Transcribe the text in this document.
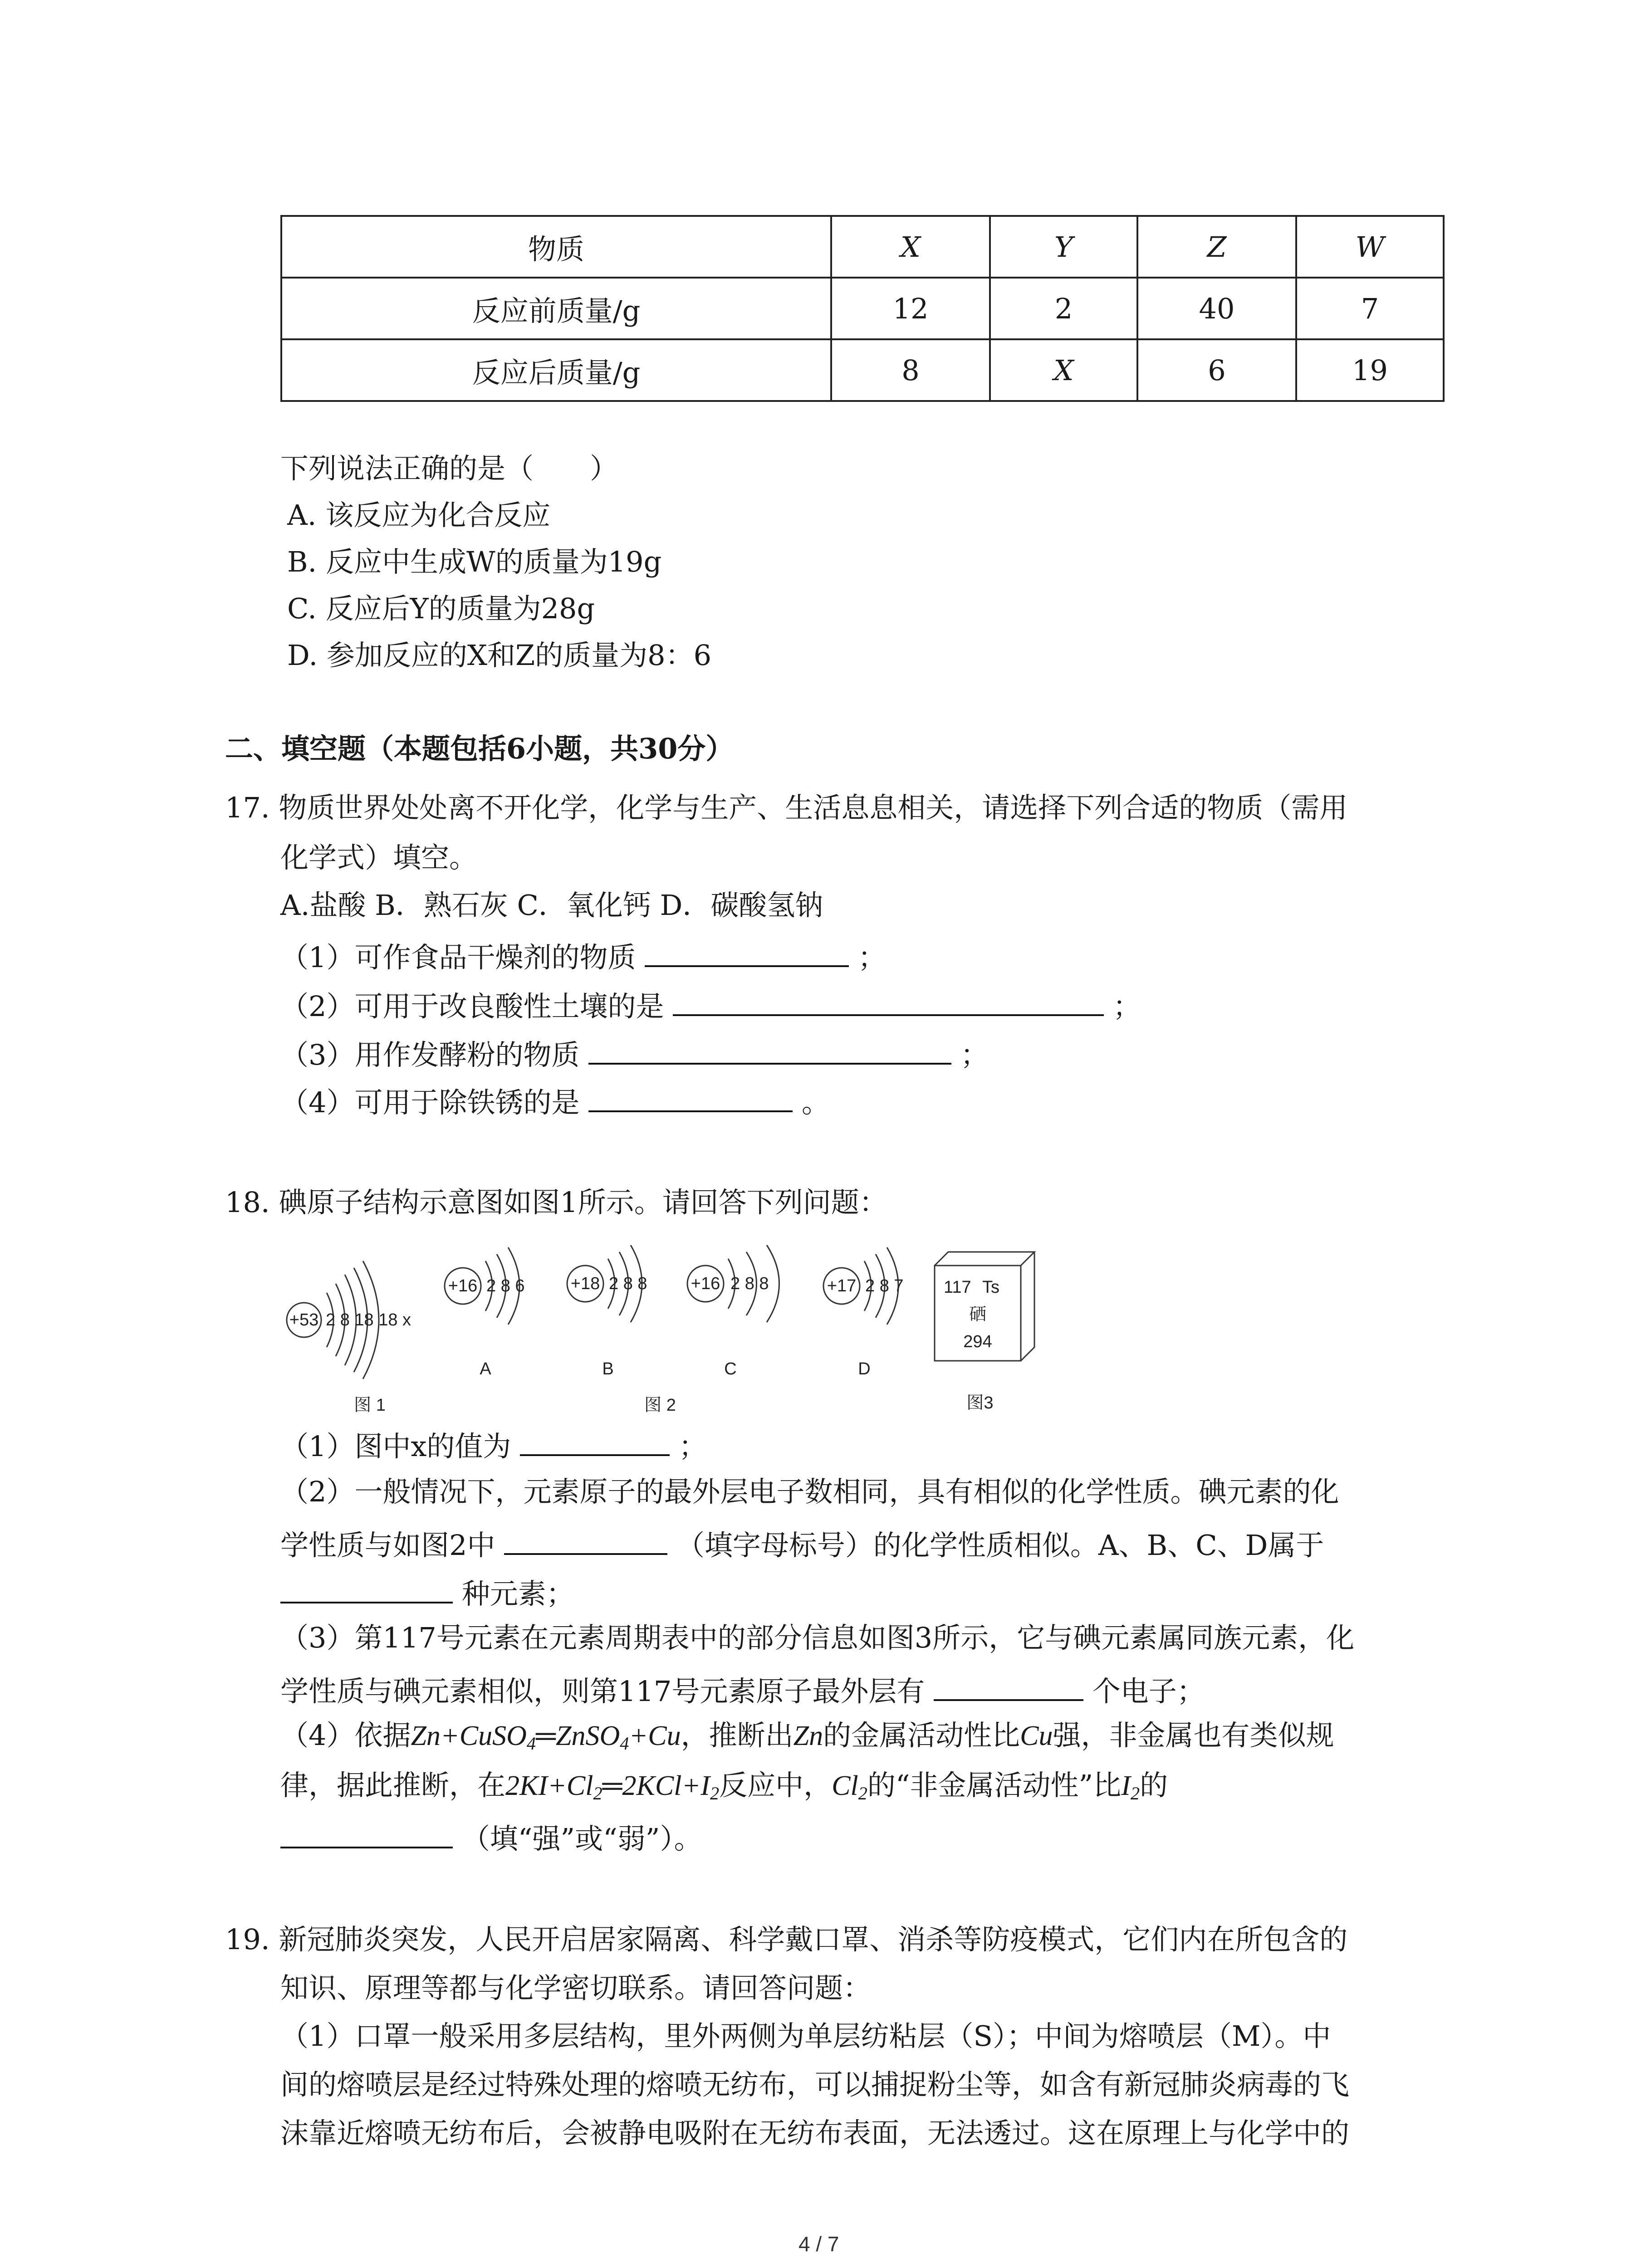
物质	X	Y	Z	W
反应前质量/g	12	2	40	7
反应后质量/g	8	X	6	19
下列说法正确的是（　　）
A. 该反应为化合反应
B. 反应中生成W的质量为19g
C. 反应后Y的质量为28g
D. 参加反应的X和Z的质量为8：6
二、填空题（本题包括6小题，共30分）
17. 物质世界处处离不开化学，化学与生产、生活息息相关，请选择下列合适的物质（需用
化学式）填空。
A.盐酸 B．熟石灰 C．氧化钙 D．碳酸氢钠
（1）可作食品干燥剂的物质	；
（2）可用于改良酸性土壤的是	；
（3）用作发酵粉的物质	；
（4）可用于除铁锈的是	。
18. 碘原子结构示意图如图1所示。请回答下列问题：
+53 2 8 18 18 x
+16 2 8 6	+18 2 8 8	+16 2 8 8	+17 2 8 7
A	B	C	D
图 1	图 2	图3
117 Ts
硒
294
（1）图中x的值为	；
（2）一般情况下，元素原子的最外层电子数相同，具有相似的化学性质。碘元素的化
学性质与如图2中	（填字母标号）的化学性质相似。A、B、C、D属于
种元素；
（3）第117号元素在元素周期表中的部分信息如图3所示，它与碘元素属同族元素，化
学性质与碘元素相似，则第117号元素原子最外层有	个电子；
（4）依据Zn+CuSO$_4$═ZnSO$_4$+Cu，推断出Zn的金属活动性比Cu强，非金属也有类似规
律，据此推断，在$2KI+Cl_2═2KCl+I_2$反应中，$Cl_2$的“非金属活动性”比$I_2$的
（填“强”或“弱”）。
19. 新冠肺炎突发，人民开启居家隔离、科学戴口罩、消杀等防疫模式，它们内在所包含的
知识、原理等都与化学密切联系。请回答问题：
（1）口罩一般采用多层结构，里外两侧为单层纺粘层（S）；中间为熔喷层（M）。中
间的熔喷层是经过特殊处理的熔喷无纺布，可以捕捉粉尘等，如含有新冠肺炎病毒的飞
沫靠近熔喷无纺布后，会被静电吸附在无纺布表面，无法透过。这在原理上与化学中的
4 / 7
